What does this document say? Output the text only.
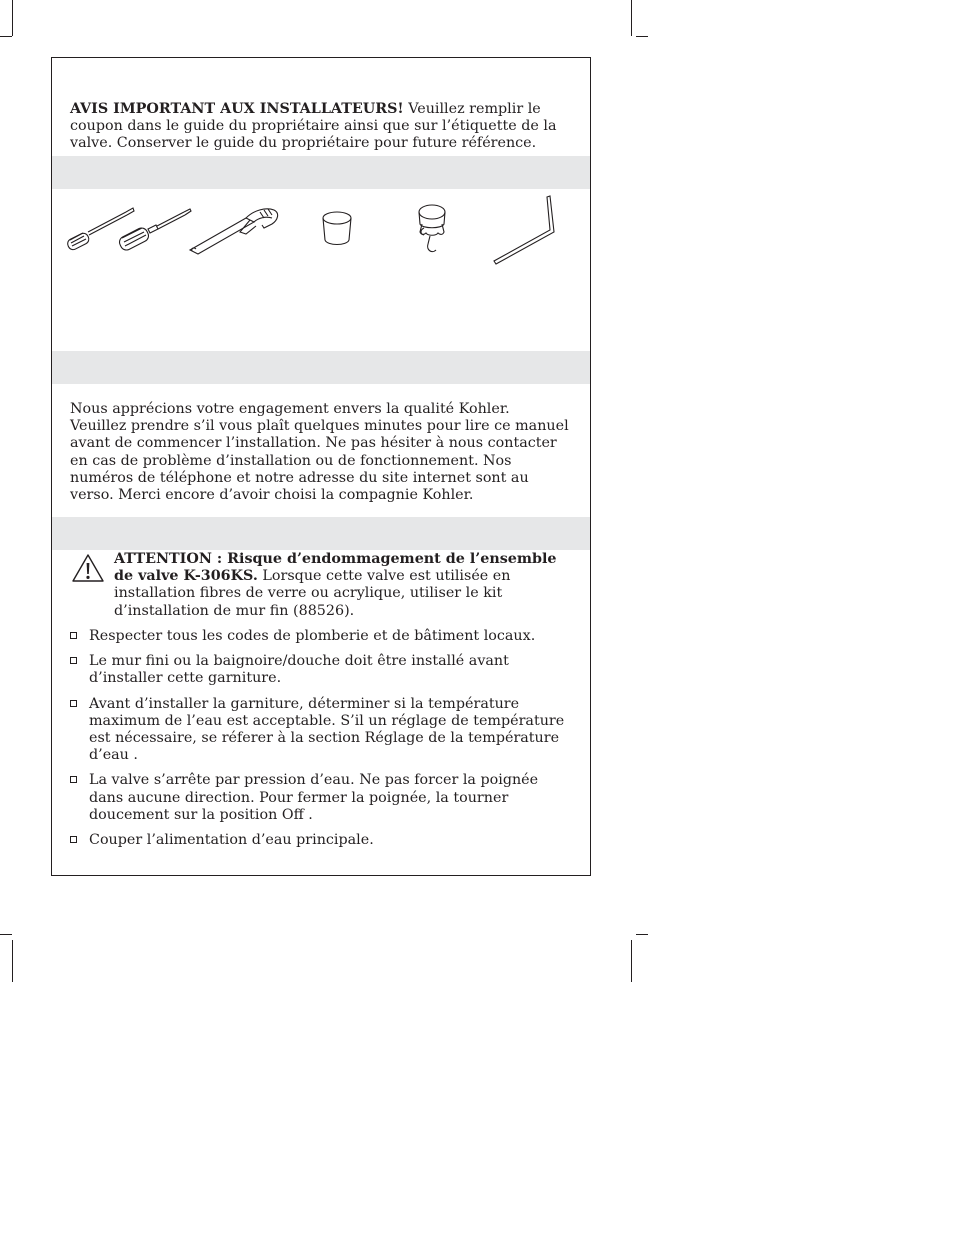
AVIS IMPORTANT AUX INSTALLATEURS! Veuillez remplir le coupon dans le guide du propriétaire ainsi que sur l’étiquette de la valve. Conserver le guide du propriétaire pour future référence.

Nous apprécions votre engagement envers la qualité Kohler. Veuillez prendre s’il vous plaît quelques minutes pour lire ce manuel avant de commencer l’installation. Ne pas hésiter à nous contacter en cas de problème d’installation ou de fonctionnement. Nos numéros de téléphone et notre adresse du site internet sont au verso. Merci encore d’avoir choisi la compagnie Kohler.

ATTENTION : Risque d’endommagement de l’ensemble de valve K-306KS. Lorsque cette valve est utilisée en installation fibres de verre ou acrylique, utiliser le kit d’installation de mur fin (88526).

Respecter tous les codes de plomberie et de bâtiment locaux.
Le mur fini ou la baignoire/douche doit être installé avant d’installer cette garniture.
Avant d’installer la garniture, déterminer si la température maximum de l’eau est acceptable. S’il un réglage de température est nécessaire, se réferer à la section Réglage de la température d’eau .
La valve s’arrête par pression d’eau. Ne pas forcer la poignée dans aucune direction. Pour fermer la poignée, la tourner doucement sur la position Off .
Couper l’alimentation d’eau principale.
